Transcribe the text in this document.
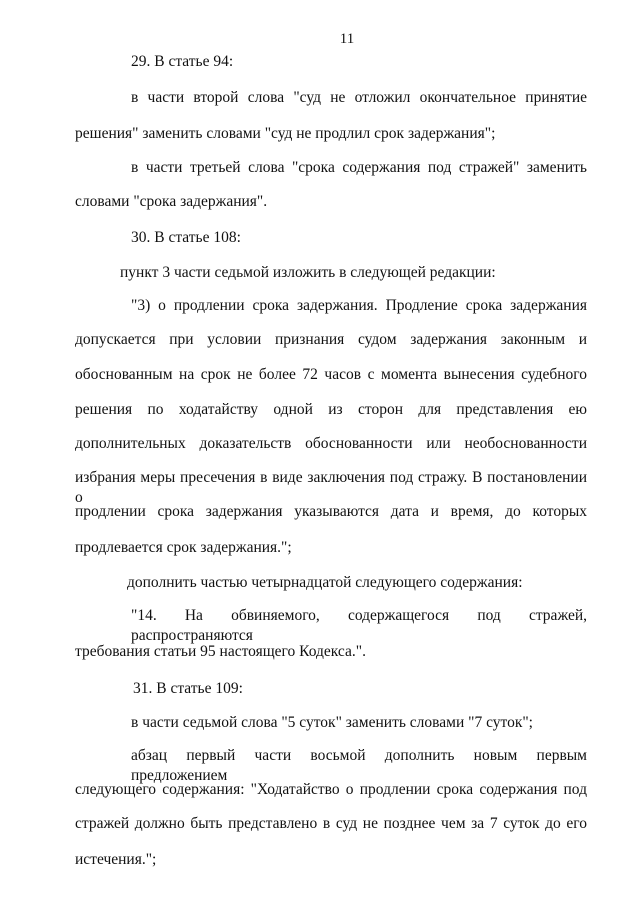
11
29. В статье 94:
в части второй слова "суд не отложил окончательное принятие
решения" заменить словами "суд не продлил срок задержания";
в части третьей слова "срока содержания под стражей" заменить
словами "срока задержания".
30. В статье 108:
пункт 3 части седьмой изложить в следующей редакции:
"3) о продлении срока задержания. Продление срока задержания
допускается при условии признания судом задержания законным и
обоснованным на срок не более 72 часов с момента вынесения судебного
решения по ходатайству одной из сторон для представления ею
дополнительных доказательств обоснованности или необоснованности
избрания меры пресечения в виде заключения под стражу. В постановлении о
продлении срока задержания указываются дата и время, до которых
продлевается срок задержания.";
дополнить частью четырнадцатой следующего содержания:
"14. На обвиняемого, содержащегося под стражей, распространяются
требования статьи 95 настоящего Кодекса.".
31. В статье 109:
в части седьмой слова "5 суток" заменить словами "7 суток";
абзац первый части восьмой дополнить новым первым предложением
следующего содержания: "Ходатайство о продлении срока содержания под
стражей должно быть представлено в суд не позднее чем за 7 суток до его
истечения.";
